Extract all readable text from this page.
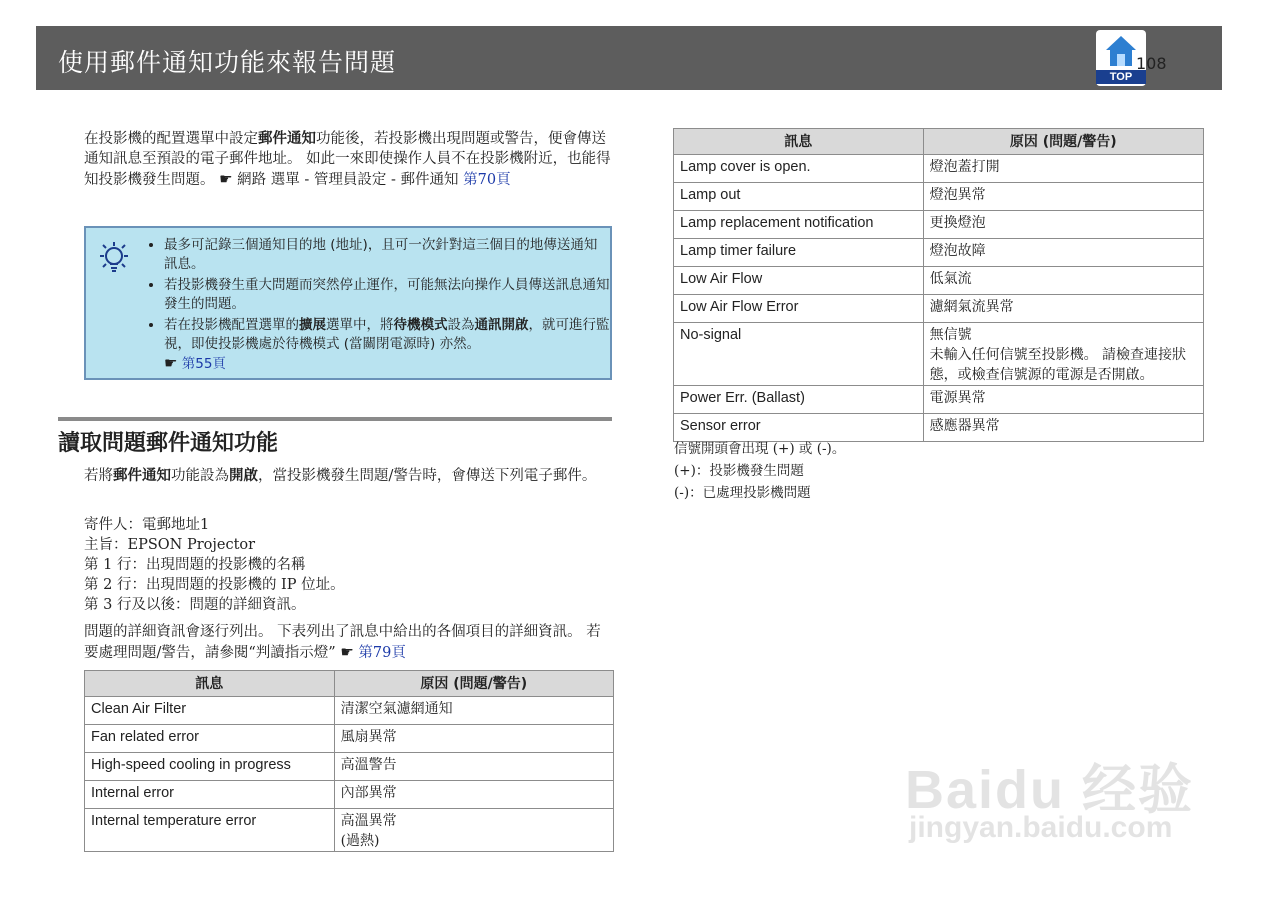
使用郵件通知功能來報告問題	TOP
108

在投影機的配置選單中設定郵件通知功能後，若投影機出現問題或警告，便會傳送通知訊息至預設的電子郵件地址。 如此一來即使操作人員不在投影機附近，也能得知投影機發生問題。 ☛ 網路 選單 - 管理員設定 - 郵件通知 第70頁

• 最多可記錄三個通知目的地 (地址)，且可一次針對這三個目的地傳送通知訊息。
• 若投影機發生重大問題而突然停止運作，可能無法向操作人員傳送訊息通知發生的問題。
• 若在投影機配置選單的擴展選單中，將待機模式設為通訊開啟，就可進行監視，即使投影機處於待機模式 (當關閉電源時) 亦然。
☛ 第55頁
讀取問題郵件通知功能

若將郵件通知功能設為開啟，當投影機發生問題/警告時，會傳送下列電子郵件。

寄件人：電郵地址1
主旨：EPSON Projector
第 1 行：出現問題的投影機的名稱
第 2 行：出現問題的投影機的 IP 位址。
第 3 行及以後：問題的詳細資訊。

問題的詳細資訊會逐行列出。 下表列出了訊息中給出的各個項目的詳細資訊。 若要處理問題/警告，請參閱“判讀指示燈” ☛ 第79頁

訊息	原因 (問題/警告)
Clean Air Filter	清潔空氣濾網通知
Fan related error	風扇異常
High-speed cooling in progress	高溫警告
Internal error	內部異常
Internal temperature error	高溫異常
(過熱)
訊息	原因 (問題/警告)
Lamp cover is open.	燈泡蓋打開
Lamp out	燈泡異常
Lamp replacement notification	更換燈泡
Lamp timer failure	燈泡故障
Low Air Flow	低氣流
Low Air Flow Error	濾網氣流異常
No-signal	無信號
未輸入任何信號至投影機。 請檢查連接狀態，或檢查信號源的電源是否開啟。
Power Err. (Ballast)	電源異常
Sensor error	感應器異常
信號開頭會出現 (+) 或 (-)。
(+)：投影機發生問題
(-)：已處理投影機問題
Baidu 经验
jingyan.baidu.com
